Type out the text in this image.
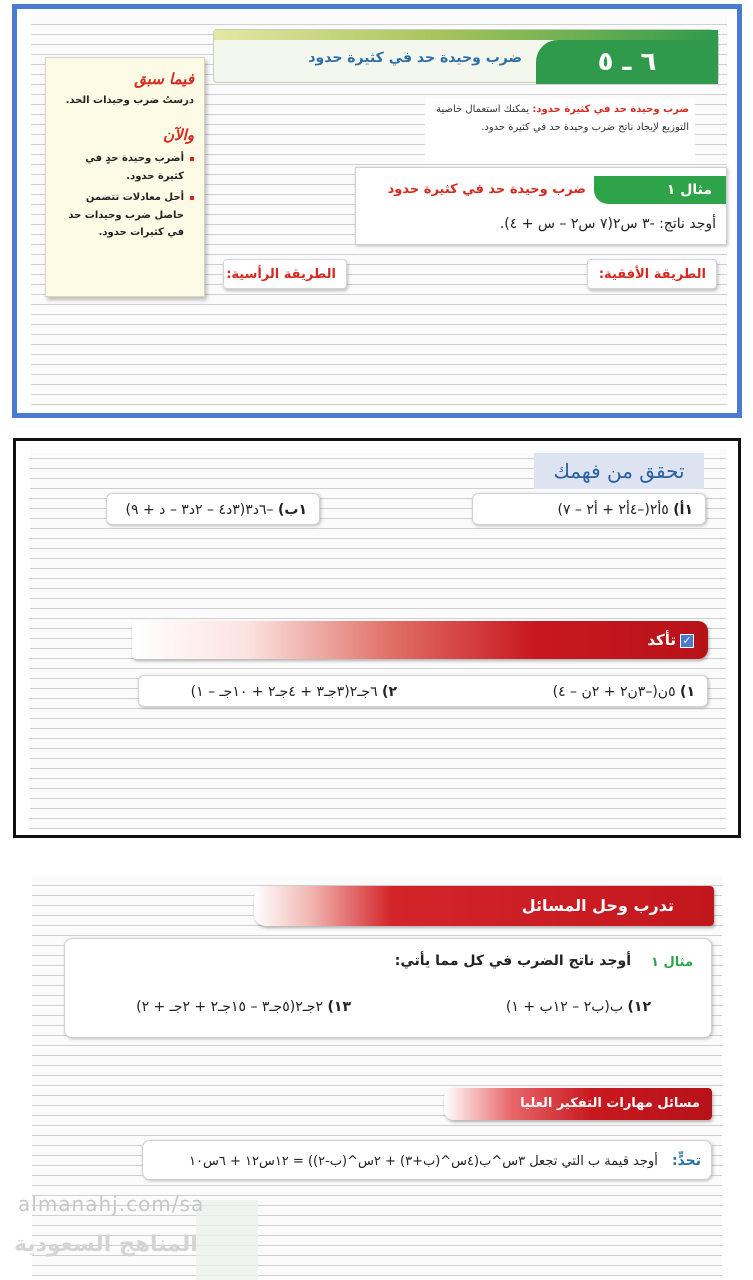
٦ ـ ٥
ضرب وحيدة حد في كثيرة حدود
فيما سبق

درستُ ضرب وحيدات الحد.

والآن
أضرب وحيدة حدٍ في كثيرة حدود.
أحل معادلات تتضمن حاصل ضرب وحيدات حد في كثيرات حدود.
ضرب وحيدة حد في كثيرة حدود: يمكنك استعمال خاصية التوزيع لإيجاد ناتج ضرب وحيدة حد في كثيرة حدود.
مثال ١
ضرب وحيدة حد في كثيرة حدود
أوجد ناتج: -٣ س٢(٧ س٢ – س + ٤).
الطريقة الأفقية:
الطريقة الرأسية:
تحقق من فهمك
١أ) ٥أ٢(–٤أ٢ + أ٢ – ٧)
١ب) –٦د٣(٣د٤ – ٢د٣ – د + ٩)
✓تأكد
١) ٥ن(–٣ن٢ + ٢ن – ٤)
٢) ٦جـ٢(٣جـ٣ + ٤جـ٢ + ١٠جـ – ١)
تدرب وحل المسائل
مثال ١
أوجد ناتج الضرب في كل مما يأتي:
١٢) ب(ب٢ – ١٢ب + ١)
١٣) ٢جـ٢(٥جـ٣ – ١٥جـ٢ + ٢جـ + ٢)
مسائل مهارات التفكير العليا
تحدٍّ: أوجد قيمة ب التي تجعل ٣س^ب(٤س^(ب+٣) + ٢س^(ب-٢)) = ١٢س١٢ + ٦س١٠
almanahj.com/sa
المناهج السعودية
